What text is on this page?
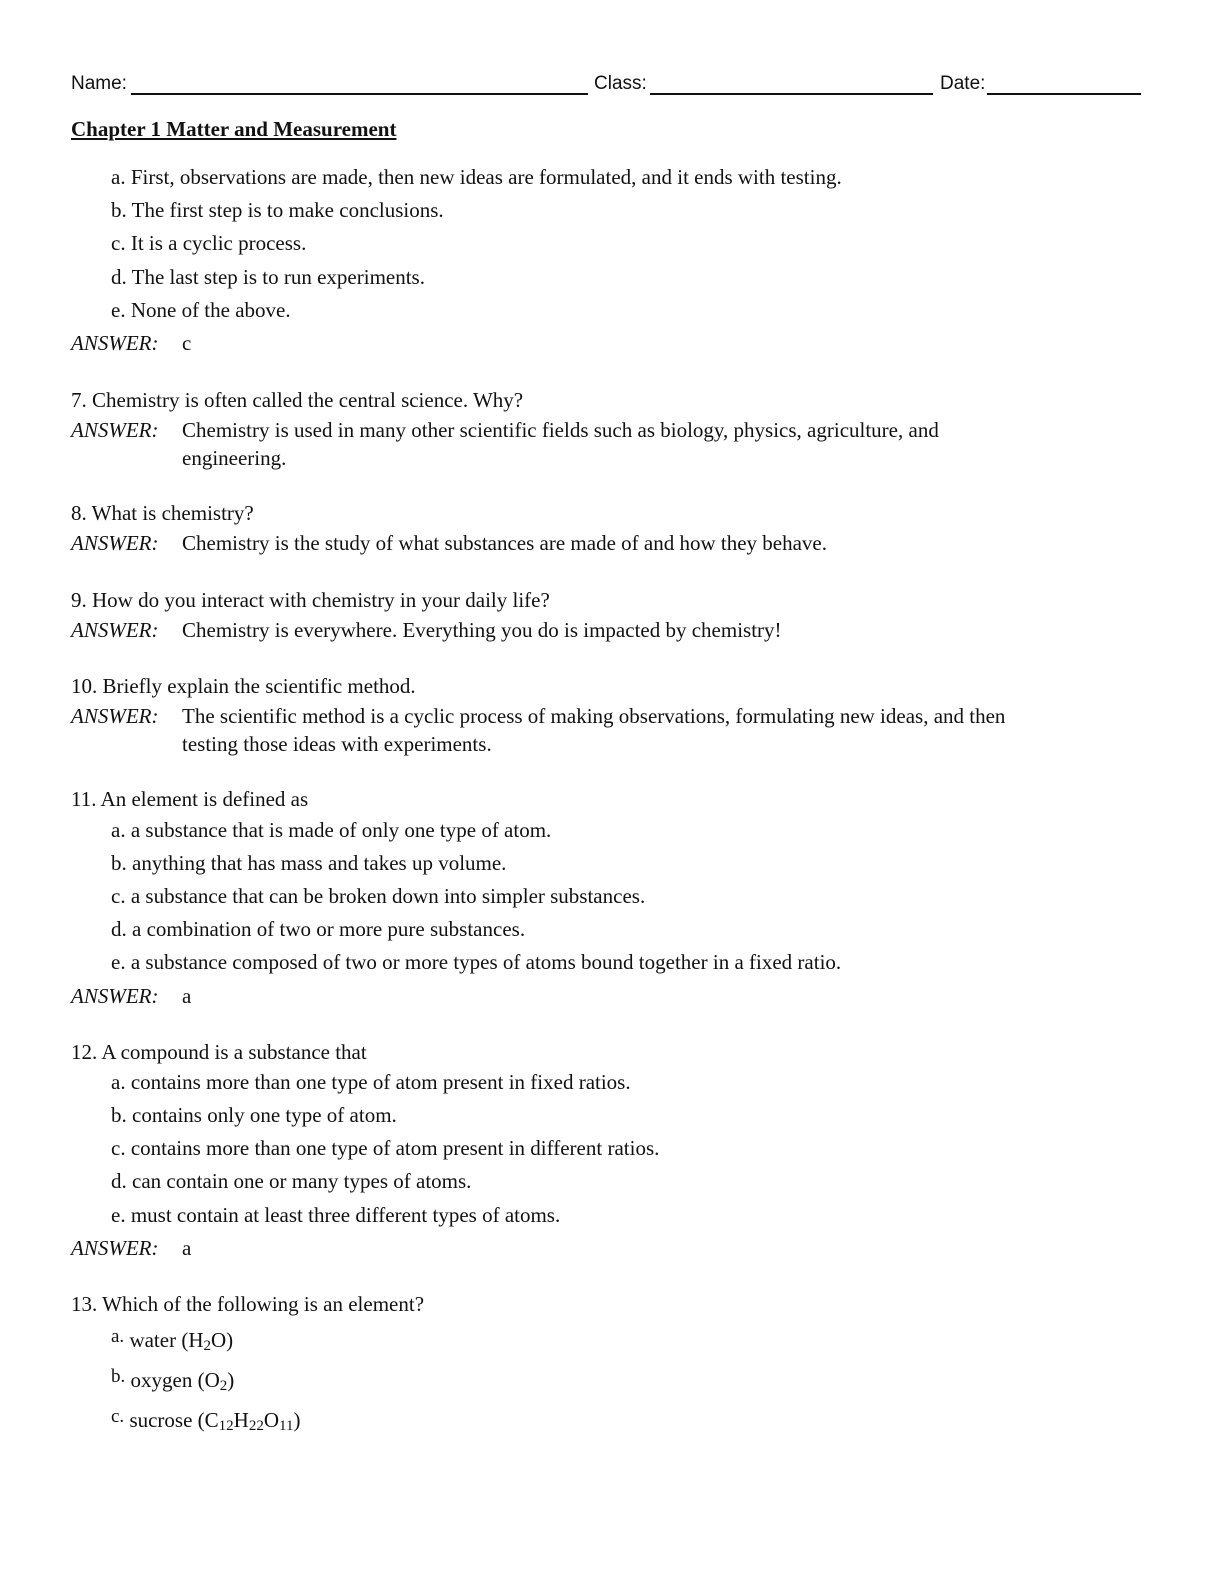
Name:	Class:	Date:
Chapter 1 Matter and Measurement
a. First, observations are made, then new ideas are formulated, and it ends with testing.
b. The first step is to make conclusions.
c. It is a cyclic process.
d. The last step is to run experiments.
e. None of the above.
ANSWER: c
7. Chemistry is often called the central science. Why?
ANSWER: Chemistry is used in many other scientific fields such as biology, physics, agriculture, and
engineering.
8. What is chemistry?
ANSWER: Chemistry is the study of what substances are made of and how they behave.
9. How do you interact with chemistry in your daily life?
ANSWER: Chemistry is everywhere. Everything you do is impacted by chemistry!
10. Briefly explain the scientific method.
ANSWER: The scientific method is a cyclic process of making observations, formulating new ideas, and then
testing those ideas with experiments.
11. An element is defined as
a. a substance that is made of only one type of atom.
b. anything that has mass and takes up volume.
c. a substance that can be broken down into simpler substances.
d. a combination of two or more pure substances.
e. a substance composed of two or more types of atoms bound together in a fixed ratio.
ANSWER: a
12. A compound is a substance that
a. contains more than one type of atom present in fixed ratios.
b. contains only one type of atom.
c. contains more than one type of atom present in different ratios.
d. can contain one or many types of atoms.
e. must contain at least three different types of atoms.
ANSWER: a
13. Which of the following is an element?
a. water $(H_2O)$
b. oxygen $(O_2)$
c. sucrose $(C_{12}H_{22}O_{11})$
